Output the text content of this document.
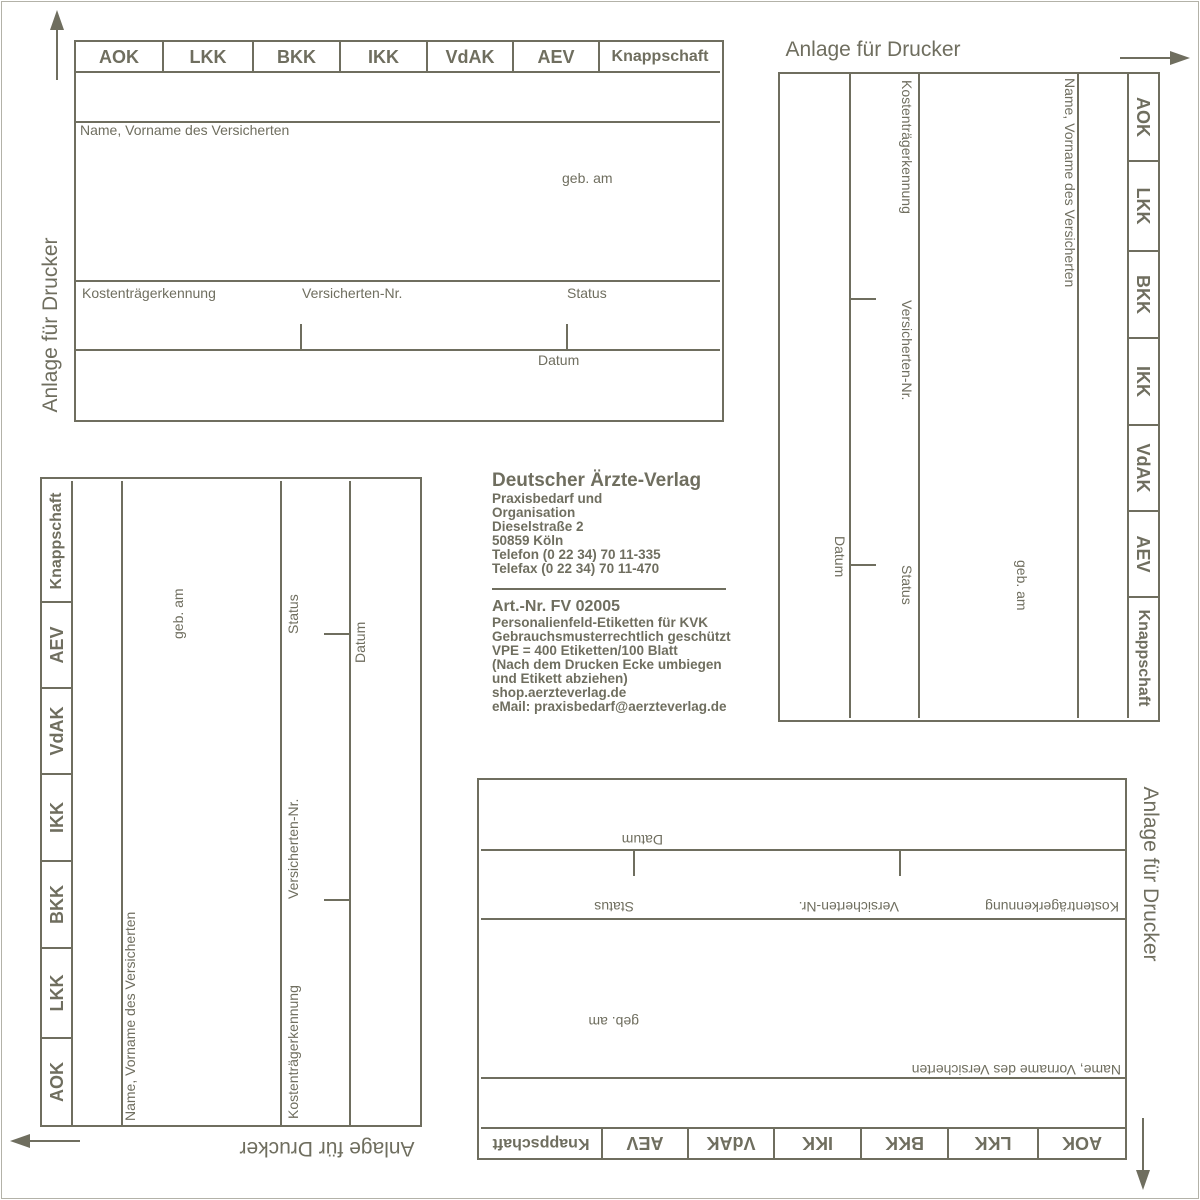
AOK	LKK	BKK	IKK	VdAK	AEV	Knappschaft
Name, Vorname des Versicherten
geb. am
Kostenträgerkennung	Versicherten-Nr.	Status
Datum
AOK
LKK
BKK
IKK
VdAK
AEV
Knappschaft
Name, Vorname des Versicherten
geb. am
Kostenträgerkennung
Versicherten-Nr.
Status
Datum
AOK
LKK
BKK
IKK
VdAK
AEV
Knappschaft
Name, Vorname des Versicherten
geb. am
Kostenträgerkennung
Versicherten-Nr.
Status
Datum
AOK
LKK
BKK
IKK
VdAK
AEV
Knappschaft
Name, Vorname des Versicherten
geb. am
Kostenträgerkennung
Versicherten-Nr.
Status
Datum
Anlage für Drucker
Anlage für Drucker
Anlage für Drucker
Anlage für Drucker
Deutscher Ärzte-Verlag
Praxisbedarf und
Organisation
Dieselstraße 2
50859 Köln
Telefon (0 22 34) 70 11-335
Telefax (0 22 34) 70 11-470
Art.-Nr. FV 02005
Personalienfeld-Etiketten für KVK
Gebrauchsmusterrechtlich geschützt
VPE = 400 Etiketten/100 Blatt
(Nach dem Drucken Ecke umbiegen
und Etikett abziehen)
shop.aerzteverlag.de
eMail: praxisbedarf@aerzteverlag.de
